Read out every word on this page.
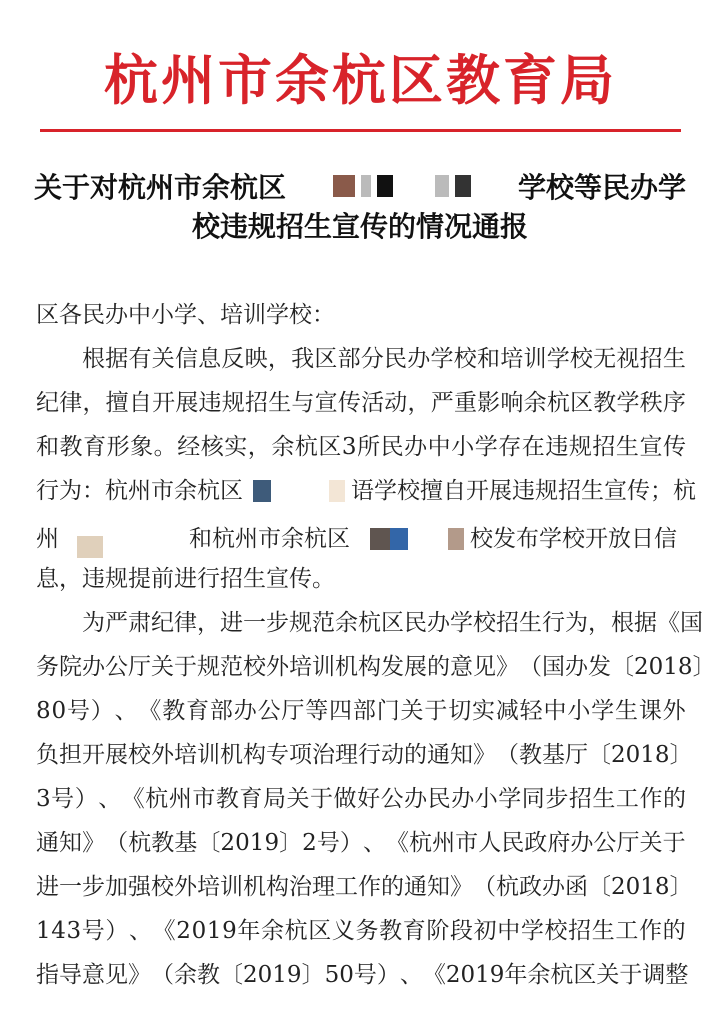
杭州市余杭区教育局
关于对杭州市余杭区	学校等民办学
校违规招生宣传的情况通报
区各民办中小学、培训学校：
根 据 有 关 信 息 反 映 ， 我 区 部 分 民 办 学 校 和 培 训 学 校 无 视 招 生
纪 律 ， 擅 自 开 展 违 规 招 生 与 宣 传 活 动 ， 严 重 影 响 余 杭 区 教 学 秩 序
和 教 育 形 象 。 经 核 实 ， 余 杭 区 3 所 民 办 中 小 学 存 在 违 规 招 生 宣 传
行为：杭州市余杭区	语学校擅自开展违规招生宣传；杭
州	和杭州市余杭区	校发布学校开放日信
息，违规提前进行招生宣传。
为 严 肃 纪 律 ， 进 一 步 规 范 余 杭 区 民 办 学 校 招 生 行 为 ， 根 据 《 国
务 院 办 公 厅 关 于 规 范 校 外 培 训 机 构 发 展 的 意 见 》 （ 国 办 发 〔 2 0 1 8 〕
8 0 号 ） 、 《 教 育 部 办 公 厅 等 四 部 门 关 于 切 实 减 轻 中 小 学 生 课 外
负 担 开 展 校 外 培 训 机 构 专 项 治 理 行 动 的 通 知 》 （ 教 基 厅 〔 2 0 1 8 〕
3 号 ） 、 《 杭 州 市 教 育 局 关 于 做 好 公 办 民 办 小 学 同 步 招 生 工 作 的
通 知 》 （ 杭 教 基 〔 2 0 1 9 〕 2 号 ） 、 《 杭 州 市 人 民 政 府 办 公 厅 关 于
进 一 步 加 强 校 外 培 训 机 构 治 理 工 作 的 通 知 》 （ 杭 政 办 函 〔 2 0 1 8 〕
1 4 3 号 ） 、 《 2 0 1 9 年 余 杭 区 义 务 教 育 阶 段 初 中 学 校 招 生 工 作 的
指 导 意 见 》 （ 余 教 〔 2 0 1 9 〕 5 0 号 ） 、 《 2 0 1 9 年 余 杭 区 关 于 调 整
